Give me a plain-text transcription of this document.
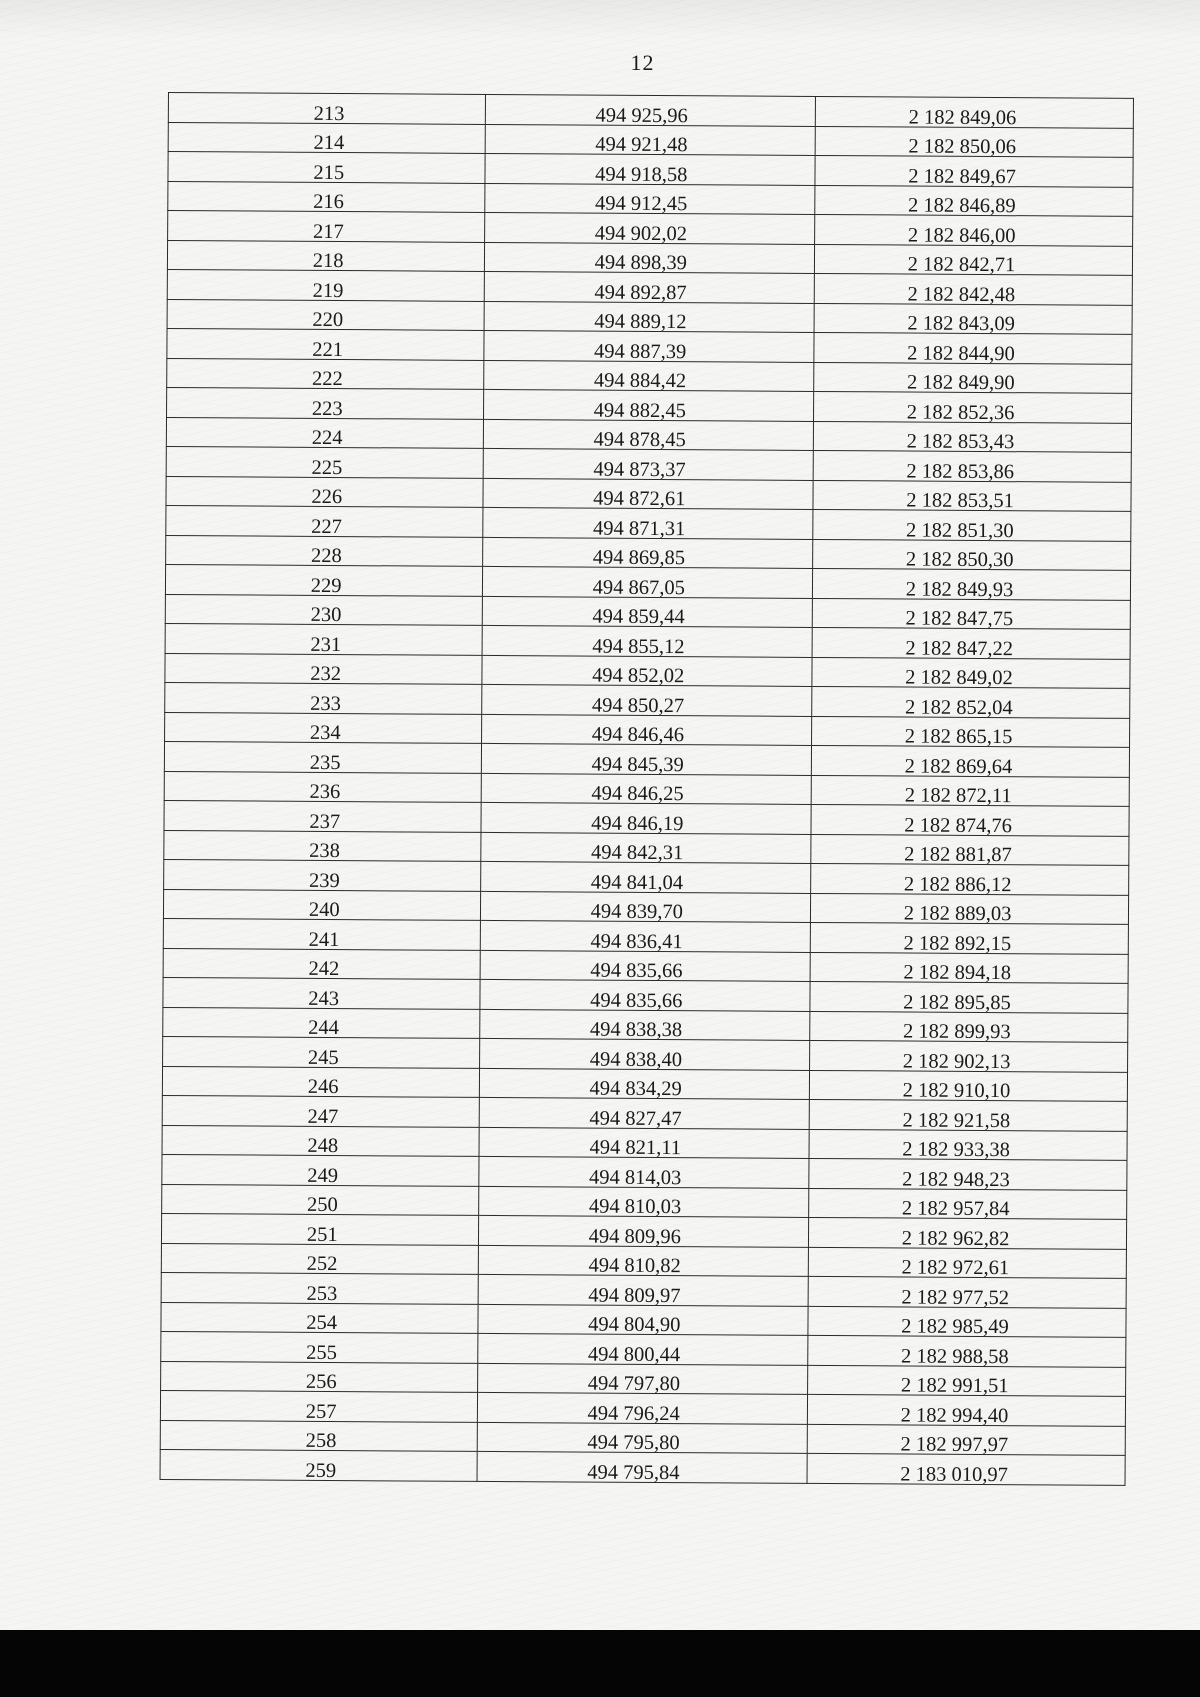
12
213	494 925,96	2 182 849,06
214	494 921,48	2 182 850,06
215	494 918,58	2 182 849,67
216	494 912,45	2 182 846,89
217	494 902,02	2 182 846,00
218	494 898,39	2 182 842,71
219	494 892,87	2 182 842,48
220	494 889,12	2 182 843,09
221	494 887,39	2 182 844,90
222	494 884,42	2 182 849,90
223	494 882,45	2 182 852,36
224	494 878,45	2 182 853,43
225	494 873,37	2 182 853,86
226	494 872,61	2 182 853,51
227	494 871,31	2 182 851,30
228	494 869,85	2 182 850,30
229	494 867,05	2 182 849,93
230	494 859,44	2 182 847,75
231	494 855,12	2 182 847,22
232	494 852,02	2 182 849,02
233	494 850,27	2 182 852,04
234	494 846,46	2 182 865,15
235	494 845,39	2 182 869,64
236	494 846,25	2 182 872,11
237	494 846,19	2 182 874,76
238	494 842,31	2 182 881,87
239	494 841,04	2 182 886,12
240	494 839,70	2 182 889,03
241	494 836,41	2 182 892,15
242	494 835,66	2 182 894,18
243	494 835,66	2 182 895,85
244	494 838,38	2 182 899,93
245	494 838,40	2 182 902,13
246	494 834,29	2 182 910,10
247	494 827,47	2 182 921,58
248	494 821,11	2 182 933,38
249	494 814,03	2 182 948,23
250	494 810,03	2 182 957,84
251	494 809,96	2 182 962,82
252	494 810,82	2 182 972,61
253	494 809,97	2 182 977,52
254	494 804,90	2 182 985,49
255	494 800,44	2 182 988,58
256	494 797,80	2 182 991,51
257	494 796,24	2 182 994,40
258	494 795,80	2 182 997,97
259	494 795,84	2 183 010,97
